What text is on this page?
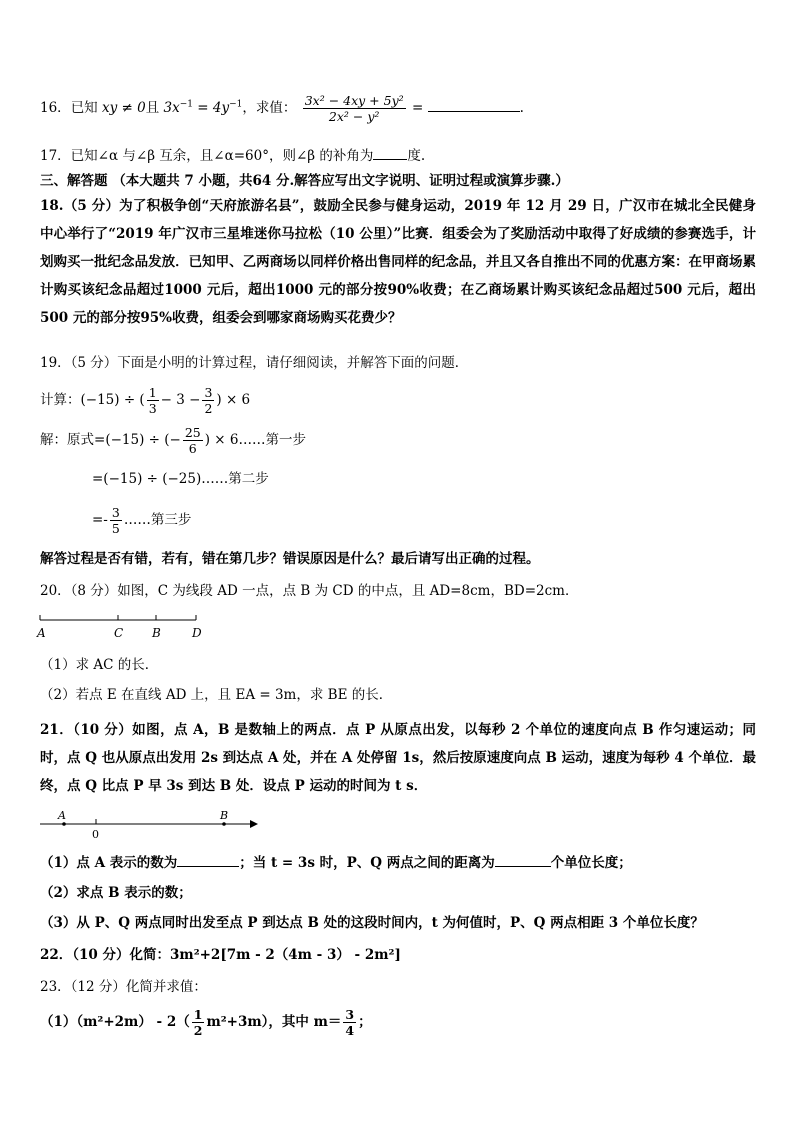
16．已知 xy ≠ 0且 $3x^{-1} = 4y^{-1}$，求值： $\frac{\text{3x² − 4xy + 5y²}}{\text{2x² − y²}}$ =	.
17．已知∠α 与∠β 互余，且∠α=60°，则∠β 的补角为	度.
三、解答题 （本大题共 7 小题，共64 分.解答应写出文字说明、证明过程或演算步骤.）
18.（5 分）为了积极争创“天府旅游名县”，鼓励全民参与健身运动，2019 年 12 月 29 日，广汉市在城北全民健身中心举行了“2019 年广汉市三星堆迷你马拉松（10 公里）”比赛．组委会为了奖励活动中取得了好成绩的参赛选手，计划购买一批纪念品发放．已知甲、乙两商场以同样价格出售同样的纪念品，并且又各自推出不同的优惠方案：在甲商场累计购买该纪念品超过1000 元后，超出1000 元的部分按90%收费；在乙商场累计购买该纪念品超过500 元后，超出500 元的部分按95%收费，组委会到哪家商场购买花费少？
19．（5 分）下面是小明的计算过程，请仔细阅读，并解答下面的问题．
计算：(−15) ÷ ( $\frac{1}{3} - 3 - \frac{3}{2}$ ) × 6
解：原式=(−15) ÷ (− $\frac{25}{6}$ ) × 6……第一步
=(−15) ÷ (−25)……第二步
=- $\frac{3}{5}$ ……第三步
解答过程是否有错，若有，错在第几步？错误原因是什么？最后请写出正确的过程。
20．（8 分）如图，C 为线段 AD 一点，点 B 为 CD 的中点，且 AD=8cm，BD=2cm．
A	C B	D
（1）求 AC 的长．
（2）若点 E 在直线 AD 上，且 EA = 3m，求 BE 的长．
21．（10 分）如图，点 A，B 是数轴上的两点．点 P 从原点出发，以每秒 2 个单位的速度向点 B 作匀速运动；同时，点 Q 也从原点出发用 2s 到达点 A 处，并在 A 处停留 1s，然后按原速度向点 B 运动，速度为每秒 4 个单位．最终，点 Q 比点 P 早 3s 到达 B 处．设点 P 运动的时间为 t s．
A
0
B
（1）点 A 表示的数为	；当 t = 3s 时，P、Q 两点之间的距离为	个单位长度；
（2）求点 B 表示的数；
（3）从 P、Q 两点同时出发至点 P 到达点 B 处的这段时间内，t 为何值时，P、Q 两点相距 3 个单位长度？
22．（10 分）化简：3m²+2[7m - 2（4m - 3） - 2m²]
23．（12 分）化简并求值：
$(1)(m^2+2m) - 2( \frac{1}{2} m^2+3m)$，其中 $m= \frac{3}{4}$ ；
